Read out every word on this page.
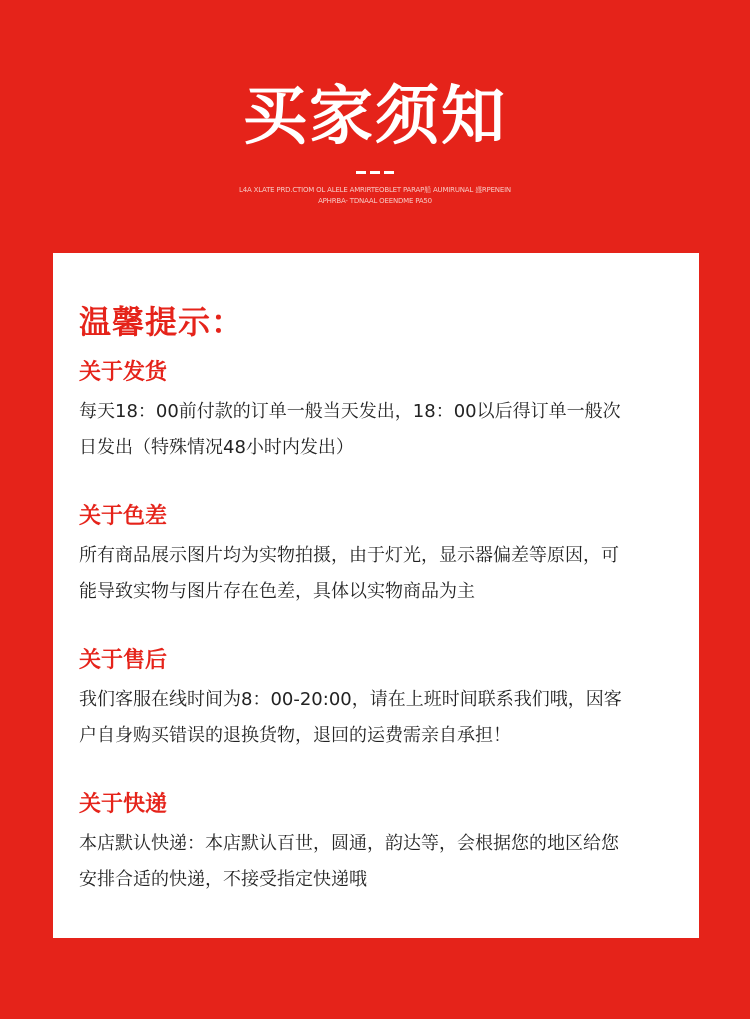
买家须知
L4A XLATE PRD.CTIOM OL ALELE AMRIRTEOBLET PARAP船 AUMIRUNAL 盛RPENEIN
APHRBA- TDNAAL OEENDME PA50
温馨提示：
关于发货
每天18：00前付款的订单一般当天发出，18：00以后得订单一般次
日发出（特殊情况48小时内发出）
关于色差
所有商品展示图片均为实物拍摄，由于灯光，显示器偏差等原因，可
能导致实物与图片存在色差，具体以实物商品为主
关于售后
我们客服在线时间为8：00-20:00，请在上班时间联系我们哦，因客
户自身购买错误的退换货物，退回的运费需亲自承担！
关于快递
本店默认快递：本店默认百世，圆通，韵达等，会根据您的地区给您
安排合适的快递，不接受指定快递哦
